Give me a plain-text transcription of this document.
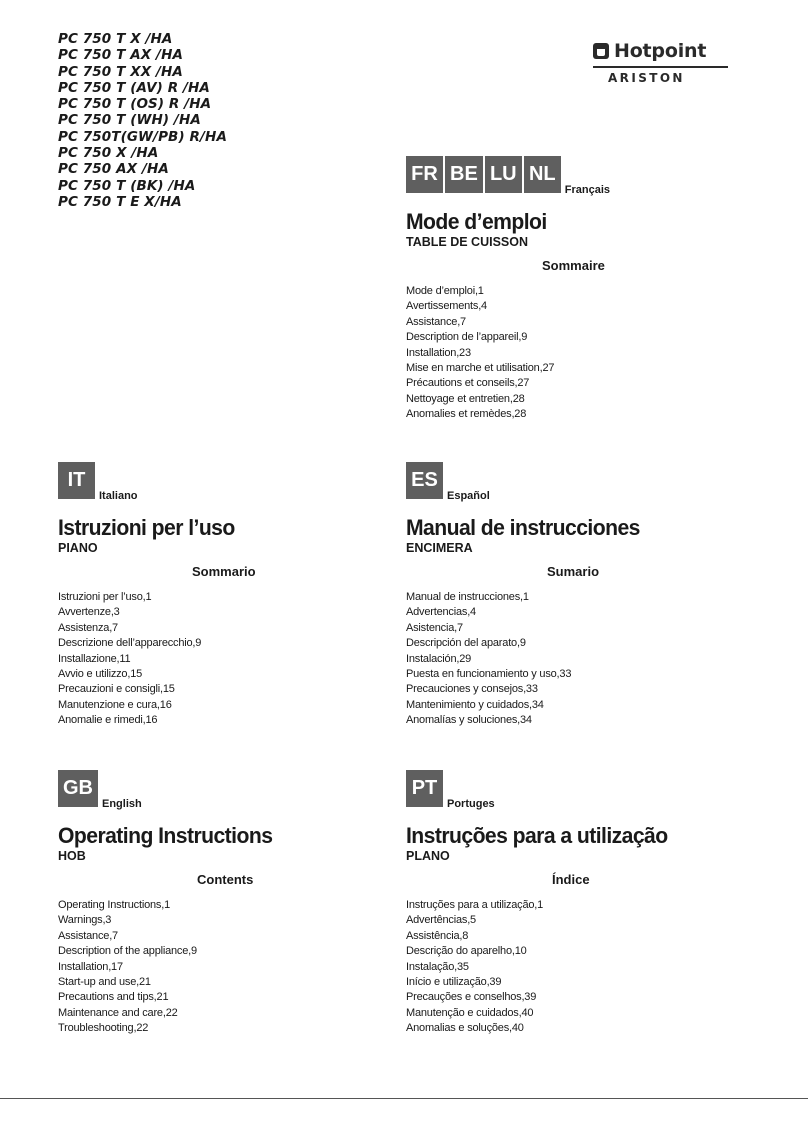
PC 750 T X /HA
PC 750 T AX /HA
PC 750 T XX /HA
PC 750 T (AV) R /HA
PC 750 T (OS) R /HA
PC 750 T (WH) /HA
PC 750T(GW/PB) R/HA
PC 750 X /HA
PC 750 AX /HA
PC 750 T (BK) /HA
PC 750 T E X/HA
Hotpoint
ARISTON
FR BE LU NL
Français
Mode d’emploi
TABLE DE CUISSON
Sommaire
Mode d’emploi,1
Avertissements,4
Assistance,7
Description de l’appareil,9
Installation,23
Mise en marche et utilisation,27
Précautions et conseils,27
Nettoyage et entretien,28
Anomalies et remèdes,28
IT
Italiano
Istruzioni per l’uso
PIANO
Sommario
Istruzioni per l’uso,1
Avvertenze,3
Assistenza,7
Descrizione dell’apparecchio,9
Installazione,11
Avvio e utilizzo,15
Precauzioni e consigli,15
Manutenzione e cura,16
Anomalie e rimedi,16
ES
Español
Manual de instrucciones
ENCIMERA
Sumario
Manual de instrucciones,1
Advertencias,4
Asistencia,7
Descripción del aparato,9
Instalación,29
Puesta en funcionamiento y uso,33
Precauciones y consejos,33
Mantenimiento y cuidados,34
Anomalías y soluciones,34
GB
English
Operating Instructions
HOB
Contents
Operating Instructions,1
Warnings,3
Assistance,7
Description of the appliance,9
Installation,17
Start-up and use,21
Precautions and tips,21
Maintenance and care,22
Troubleshooting,22
PT
Portuges
Instruções para a utilização
PLANO
Índice
Instruções para a utilização,1
Advertências,5
Assistência,8
Descrição do aparelho,10
Instalação,35
Início e utilização,39
Precauções e conselhos,39
Manutenção e cuidados,40
Anomalias e soluções,40
